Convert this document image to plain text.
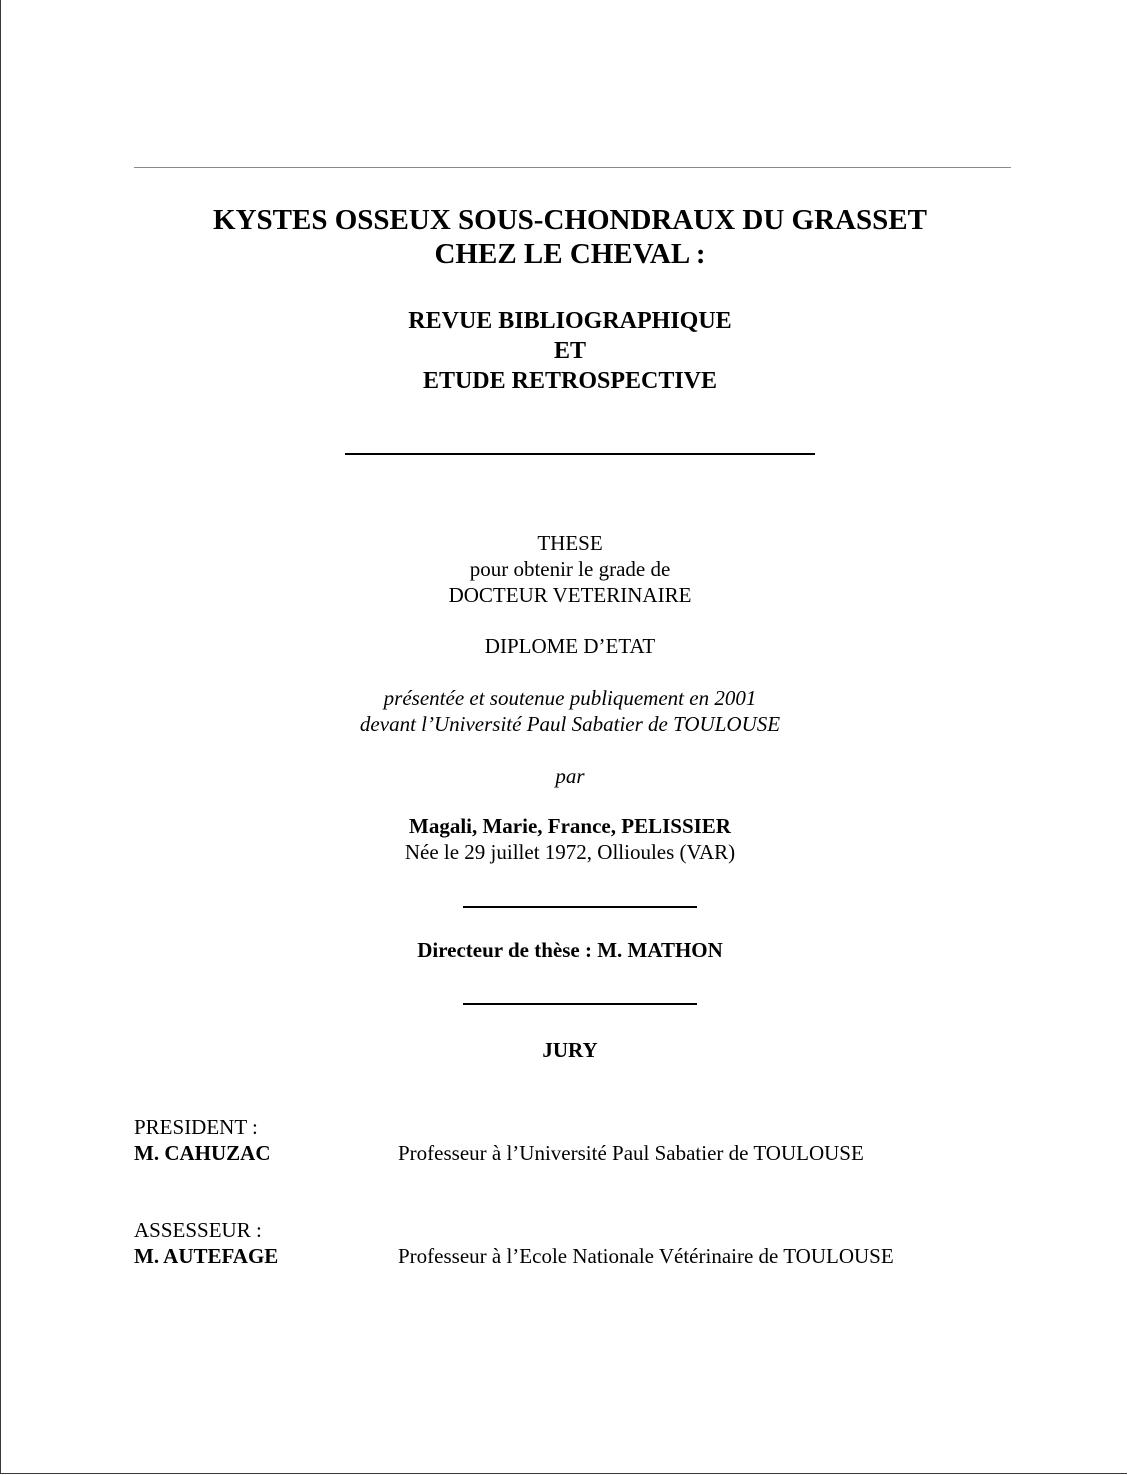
KYSTES OSSEUX SOUS-CHONDRAUX DU GRASSET
CHEZ LE CHEVAL :
REVUE BIBLIOGRAPHIQUE
ET
ETUDE RETROSPECTIVE
THESE
pour obtenir le grade de
DOCTEUR VETERINAIRE
DIPLOME D’ETAT
présentée et soutenue publiquement en 2001
devant l’Université Paul Sabatier de TOULOUSE
par
Magali, Marie, France, PELISSIER
Née le 29 juillet 1972, Ollioules (VAR)
Directeur de thèse : M. MATHON
JURY
PRESIDENT :
M. CAHUZAC	Professeur à l’Université Paul Sabatier de TOULOUSE
ASSESSEUR :
M. AUTEFAGE	Professeur à l’Ecole Nationale Vétérinaire de TOULOUSE
